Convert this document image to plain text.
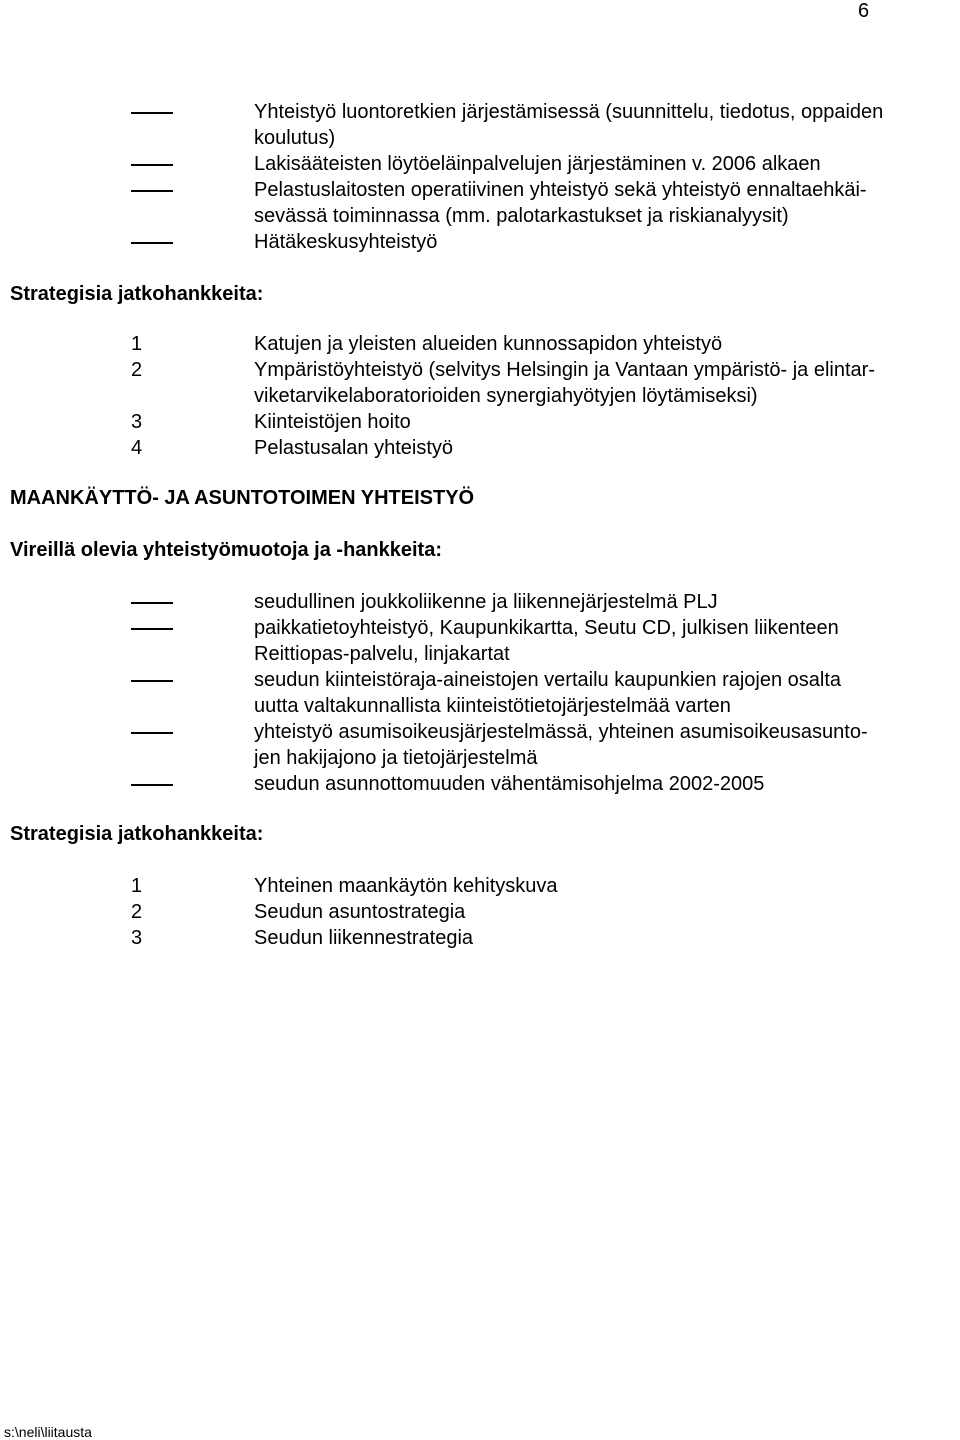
6
Yhteistyö luontoretkien järjestämisessä (suunnittelu, tiedotus, oppaiden
koulutus)
Lakisääteisten löytöeläinpalvelujen järjestäminen v. 2006 alkaen
Pelastuslaitosten operatiivinen yhteistyö sekä yhteistyö ennaltaehkäi-
sevässä toiminnassa (mm. palotarkastukset ja riskianalyysit)
Hätäkeskusyhteistyö
Strategisia jatkohankkeita:
1	Katujen ja yleisten alueiden kunnossapidon yhteistyö
2	Ympäristöyhteistyö (selvitys Helsingin ja Vantaan ympäristö- ja elintar-
viketarvikelaboratorioiden synergiahyötyjen löytämiseksi)
3	Kiinteistöjen hoito
4	Pelastusalan yhteistyö
MAANKÄYTTÖ- JA ASUNTOTOIMEN YHTEISTYÖ
Vireillä olevia yhteistyömuotoja ja -hankkeita:
seudullinen joukkoliikenne ja liikennejärjestelmä PLJ
paikkatietoyhteistyö, Kaupunkikartta, Seutu CD, julkisen liikenteen
Reittiopas-palvelu, linjakartat
seudun kiinteistöraja-aineistojen vertailu kaupunkien rajojen osalta
uutta valtakunnallista kiinteistötietojärjestelmää varten
yhteistyö asumisoikeusjärjestelmässä, yhteinen asumisoikeusasunto-
jen hakijajono ja tietojärjestelmä
seudun asunnottomuuden vähentämisohjelma 2002-2005
Strategisia jatkohankkeita:
1	Yhteinen maankäytön kehityskuva
2	Seudun asuntostrategia
3	Seudun liikennestrategia
s:\neli\liitausta
